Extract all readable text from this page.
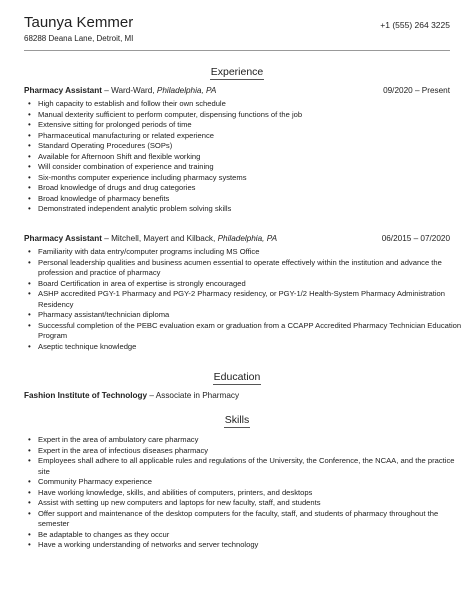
Taunya Kemmer	+1 (555) 264 3225
68288 Deana Lane, Detroit, MI
Experience
Pharmacy Assistant – Ward-Ward, Philadelphia, PA	09/2020 – Present
• High capacity to establish and follow their own schedule
• Manual dexterity sufficient to perform computer, dispensing functions of the job
• Extensive sitting for prolonged periods of time
• Pharmaceutical manufacturing or related experience
• Standard Operating Procedures (SOPs)
• Available for Afternoon Shift and flexible working
• Will consider combination of experience and training
• Six-months computer experience including pharmacy systems
• Broad knowledge of drugs and drug categories
• Broad knowledge of pharmacy benefits
• Demonstrated independent analytic problem solving skills
Pharmacy Assistant – Mitchell, Mayert and Kilback, Philadelphia, PA	06/2015 – 07/2020
• Familiarity with data entry/computer programs including MS Office
• Personal leadership qualities and business acumen essential to operate effectively within the institution and advance the profession and practice of pharmacy
• Board Certification in area of expertise is strongly encouraged
• ASHP accredited PGY-1 Pharmacy and PGY-2 Pharmacy residency, or PGY-1/2 Health-System Pharmacy Administration Residency
• Pharmacy assistant/technician diploma
• Successful completion of the PEBC evaluation exam or graduation from a CCAPP Accredited Pharmacy Technician Education Program
• Aseptic technique knowledge
Education
Fashion Institute of Technology – Associate in Pharmacy
Skills
• Expert in the area of ambulatory care pharmacy
• Expert in the area of infectious diseases pharmacy
• Employees shall adhere to all applicable rules and regulations of the University, the Conference, the NCAA, and the practice site
• Community Pharmacy experience
• Have working knowledge, skills, and abilities of computers, printers, and desktops
• Assist with setting up new computers and laptops for new faculty, staff, and students
• Offer support and maintenance of the desktop computers for the faculty, staff, and students of pharmacy throughout the semester
• Be adaptable to changes as they occur
• Have a working understanding of networks and server technology
